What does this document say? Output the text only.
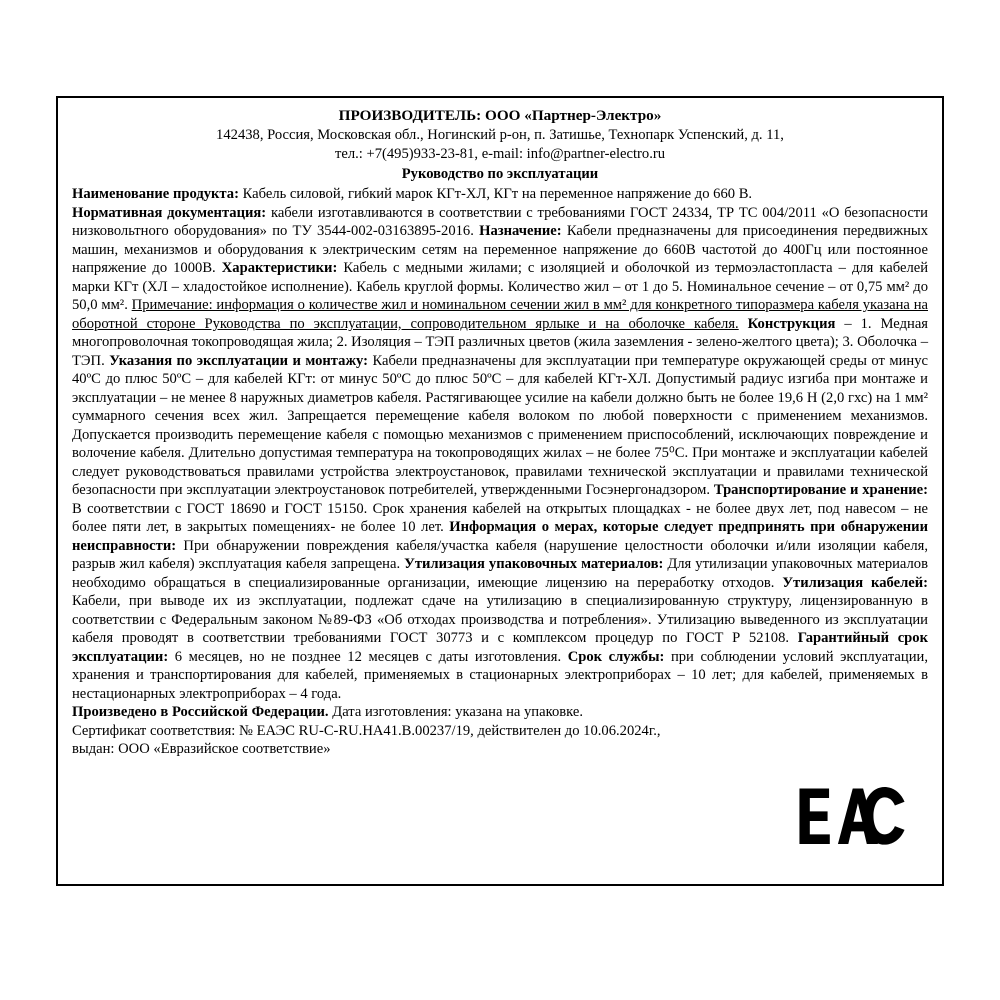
ПРОИЗВОДИТЕЛЬ: ООО «Партнер-Электро»
142438, Россия, Московская обл., Ногинский р-он, п. Затишье, Технопарк Успенский, д. 11,
тел.: +7(495)933-23-81, e-mail: info@partner-electro.ru
Руководство по эксплуатации

Наименование продукта: Кабель силовой, гибкий марок КГт-ХЛ, КГт на переменное напряжение до 660 В.

Нормативная документация: кабели изготавливаются в соответствии с требованиями ГОСТ 24334, ТР ТС 004/2011 «О безопасности низковольтного оборудования» по ТУ 3544-002-03163895-2016. Назначение: Кабели предназначены для присоединения передвижных машин, механизмов и оборудования к электрическим сетям на переменное напряжение до 660В частотой до 400Гц или постоянное напряжение до 1000В. Характеристики: Кабель с медными жилами; с изоляцией и оболочкой из термоэластопласта – для кабелей марки КГт (ХЛ – хладостойкое исполнение). Кабель круглой формы. Количество жил – от 1 до 5. Номинальное сечение – от 0,75 мм² до 50,0 мм². Примечание: информация о количестве жил и номинальном сечении жил в мм² для конкретного типоразмера кабеля указана на оборотной стороне Руководства по эксплуатации, сопроводительном ярлыке и на оболочке кабеля. Конструкция – 1. Медная многопроволочная токопроводящая жила; 2. Изоляция – ТЭП различных цветов (жила заземления - зелено-желтого цвета); 3. Оболочка – ТЭП. Указания по эксплуатации и монтажу: Кабели предназначены для эксплуатации при температуре окружающей среды от минус 40ºС до плюс 50ºС – для кабелей КГт: от минус 50ºС до плюс 50ºС – для кабелей КГт-ХЛ. Допустимый радиус изгиба при монтаже и эксплуатации – не менее 8 наружных диаметров кабеля. Растягивающее усилие на кабели должно быть не более 19,6 Н (2,0 гхс) на 1 мм² суммарного сечения всех жил. Запрещается перемещение кабеля волоком по любой поверхности с применением механизмов. Допускается производить перемещение кабеля с помощью механизмов с применением приспособлений, исключающих повреждение и волочение кабеля. Длительно допустимая температура на токопроводящих жилах – не более 75⁰С. При монтаже и эксплуатации кабелей следует руководствоваться правилами устройства электроустановок, правилами технической эксплуатации и правилами технической безопасности при эксплуатации электроустановок потребителей, утвержденными Госэнергонадзором. Транспортирование и хранение: В соответствии с ГОСТ 18690 и ГОСТ 15150. Срок хранения кабелей на открытых площадках - не более двух лет, под навесом – не более пяти лет, в закрытых помещениях- не более 10 лет. Информация о мерах, которые следует предпринять при обнаружении неисправности: При обнаружении повреждения кабеля/участка кабеля (нарушение целостности оболочки и/или изоляции кабеля, разрыв жил кабеля) эксплуатация кабеля запрещена. Утилизация упаковочных материалов: Для утилизации упаковочных материалов необходимо обращаться в специализированные организации, имеющие лицензию на переработку отходов. Утилизация кабелей: Кабели, при выводе их из эксплуатации, подлежат сдаче на утилизацию в специализированную структуру, лицензированную в соответствии с Федеральным законом №89-ФЗ «Об отходах производства и потребления». Утилизацию выведенного из эксплуатации кабеля проводят в соответствии требованиями ГОСТ 30773 и с комплексом процедур по ГОСТ Р 52108. Гарантийный срок эксплуатации: 6 месяцев, но не позднее 12 месяцев с даты изготовления. Срок службы: при соблюдении условий эксплуатации, хранения и транспортирования для кабелей, применяемых в стационарных электроприборах – 10 лет; для кабелей, применяемых в нестационарных электроприборах – 4 года.

Произведено в Российской Федерации. Дата изготовления: указана на упаковке.

Сертификат соответствия: № ЕАЭС RU-C-RU.НА41.В.00237/19, действителен до 10.06.2024г.,

выдан: ООО «Евразийское соответствие»
